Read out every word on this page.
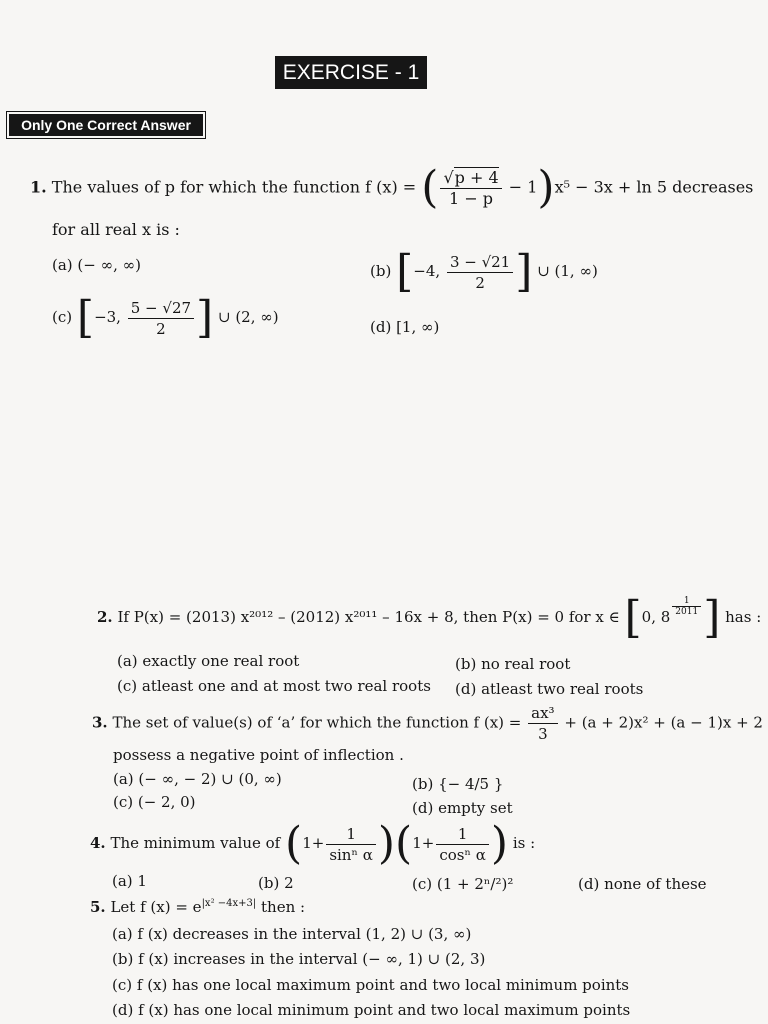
EXERCISE - 1
Only One Correct Answer
1. The values of p for which the function f (x) = ( $\frac{√p + 4}{1 - p} - 1)x^5 - 3x + \ln 5$ decreases
for all real x is :
(a) (− ∞, ∞)	(b) [−4, $\frac{3 - √21}{2}$ ] ∪ (1, ∞)
(c) [−3, $\frac{5 - √27}{2}$ ] ∪ (2, ∞)
(d) [1, ∞)
2. If P(x) = (2013) x²⁰¹² – (2012) x²⁰¹¹ – 16x + 8, then P(x) = 0 for x ∈ [0, $8 \frac{1}{2011}$ ] has :
(a) exactly one real root	(b) no real root
(c) atleast one and at most two real roots (d) atleast two real roots
3. The set of value(s) of ‘a’ for which the function f $(x) = \frac{\text{ax³}}{3} + (a + 2)x^2 + (a - 1)x + 2$
possess a negative point of inflection .
(a) (− ∞, − 2) ∪ (0, ∞)	(b) {− 4/5 }
(c) (− 2, 0)	(d) empty set
4. The minimum value of $(1+ \frac{1}{\text{sinⁿ α}} )(1+ \frac{1}{\text{cosⁿ α}}$ ) is :
(a) 1	(b) 2	(c) (1 + 2ⁿ/²)²	(d) none of these
5. Let f $(x) = e^{|x^2 -4x+3|}$ then :
(a) f (x) decreases in the interval (1, 2) ∪ (3, ∞)
(b) f (x) increases in the interval (− ∞, 1) ∪ (2, 3)
(c) f (x) has one local maximum point and two local minimum points
(d) f (x) has one local minimum point and two local maximum points
